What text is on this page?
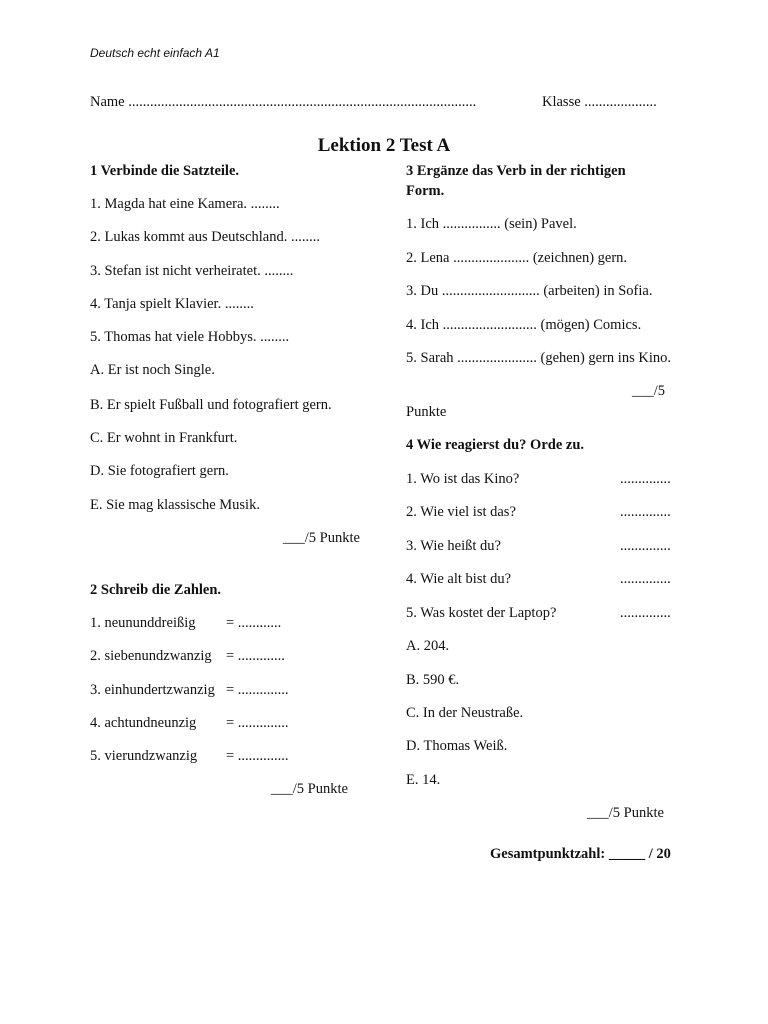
Deutsch echt einfach A1
Name ................................................................................................	Klasse ....................
Lektion 2 Test A
1 Verbinde die Satzteile.
1. Magda hat eine Kamera. ........
2. Lukas kommt aus Deutschland. ........
3. Stefan ist nicht verheiratet. ........
4. Tanja spielt Klavier. ........
5. Thomas hat viele Hobbys. ........
A. Er ist noch Single.
B. Er spielt Fußball und fotografiert gern.
C. Er wohnt in Frankfurt.
D. Sie fotografiert gern.
E. Sie mag klassische Musik.
___/5 Punkte
2 Schreib die Zahlen.
1. neununddreißig = ............
2. siebenundzwanzig = .............
3. einhundertzwanzig = ..............
4. achtundneunzig = ..............
5. vierundzwanzig = ..............
___/5 Punkte
3 Ergänze das Verb in der richtigen
Form.
1. Ich ................ (sein) Pavel.
2. Lena ..................... (zeichnen) gern.
3. Du ........................... (arbeiten) in Sofia.
4. Ich .......................... (mögen) Comics.
5. Sarah ...................... (gehen) gern ins Kino.
___/5
Punkte
4 Wie reagierst du? Orde zu.
1. Wo ist das Kino?	..............
2. Wie viel ist das?	..............
3. Wie heißt du?	..............
4. Wie alt bist du?	..............
5. Was kostet der Laptop?	..............
A. 204.
B. 590 €.
C. In der Neustraße.
D. Thomas Weiß.
E. 14.
___/5 Punkte
Gesamtpunktzahl: _____ / 20
